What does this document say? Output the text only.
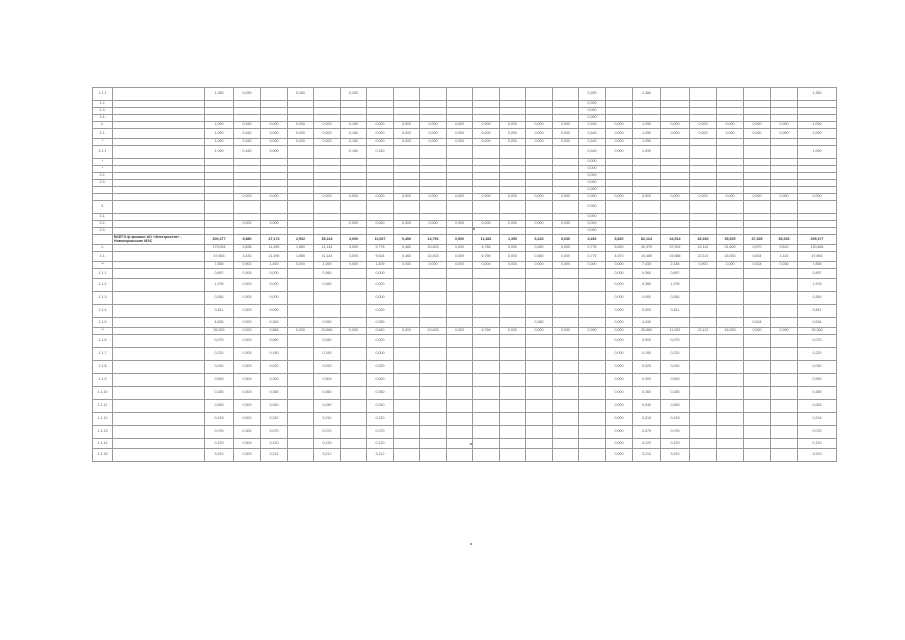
1.1.1		1,360	0,250		0,160		0,250									0,250		1,360						1,360
1.2.																0,000								
1.3.																0,000								
1.4.																0,000								
2.		1,090	0,160	0,000	0,000	0,000	0,160	0,000	0,000	0,000	0,000	0,000	0,000	0,000	0,000	0,160	0,000	1,090	0,000	0,000	0,000	0,000	0,000	1,090
2.1.		1,090	0,160	0,000	0,000	0,000	0,160	0,000	0,000	0,000	0,000	0,000	0,000	0,000	0,000	0,160	0,000	1,090	0,000	0,000	0,000	0,000	0,000	1,090
*		1,090	0,160	0,000	0,000	0,000	0,160	0,000	0,000	0,000	0,000	0,000	0,000	0,000	0,000	0,160	0,000	1,090						
2.1.1		1,090	0,160	0,000			0,160	0,160								0,160	0,000	1,090						1,090
*																0,000								
*																0,000								
2.2.																0,000								
2.3.																0,000								
																0,000								
			0,000	0,000		0,000	0,000	0,000	0,000	0,000	0,000	0,000	0,000	0,000	0,000	0,000	0,000	0,000	0,000	0,000	0,000	0,000	0,000	0,000
3.																0,000								
3.1.																0,000								
3.2.			0,000	0,000			0,000	0,000	0,000	0,000	0,000	0,000	0,000	0,000	0,000	0,000								
3.3.																0,000								
	ВСЕГО ф филиал АО «Электросети» - Новочеркасские МЭС	200,477	5,880	47,174	2,502	35,224	3,000	11,067	0,406	14,794	0,500	11,382	1,350	6,243	0,630	3,492	5,820	82,124	64,514	46,330	35,525	37,335	35,253	299,477
1.		179,004	3,838	11,490	1,860	11,144	3,000	9,778	0,460	10,403	0,000	6,766	0,000	0,380	0,000	0,775	5,820	40,479	57,902	22,112	21,600	0,570	0,610	130,684
1.1.		47,663	3,430	11,490	1,880	11,144	3,000	9,524	0,460	10,403	0,000	6,766	0,000	0,380	0,000	0,775	4,870	10,480	19,886	22,112	18,053	0,634	1,110	47,663
**		7,856	0,902	1,450	0,000	1,069	0,000	1,409	0,000	0,000	0,000	0,000	0,000	0,000	0,000	0,000	0,000	7,430	2,184	0,000	2,000	0,634	0,030	7,858
1.1.1		0,897	0,300	0,000		0,360		0,000									0,000	0,360	0,897					0,897
1.1.2		1,976	0,300	0,000		0,360		0,000									0,000	0,360	1,976					1,976
1.1.3		0,260	0,300	0,000				0,000									0,000	0,000	0,260					0,260
1.1.4		0,811	0,300	0,000				0,000									0,000	0,000	0,811					0,811
1.1.5		4,830	0,300	0,350		0,360		0,350						0,380			0,000	4,430				0,634		0,634
**		39,300	0,000	0,884	0,000	20,860	0,000	0,640	0,000	10,403	0,000	6,766	0,000	0,000	0,000	0,000	0,000	39,860	11,052	22,112	16,053	0,000	0,000	39,300
1.1.6		0,070	0,300	0,060		0,040		0,000									0,000	0,000	0,070					0,070
1.1.7		0,220	0,300	0,190		0,190		0,000									0,000	0,190	0,220					0,220
1.1.8		0,040	0,300	0,020		0,020		0,020									0,000	0,020	0,040					0,040
1.1.9		0,590	0,300	0,300		0,300		0,000									0,000	0,300	0,590					0,590
1.1.10		0,280	0,300	0,360		0,360		0,360									0,000	0,360	0,280					0,280
1.1.11		0,063	0,300	0,040		0,040		0,040									0,000	0,040	0,063					0,063
1.1.12		0,216	0,300	0,210		0,210		0,210									0,000	0,210	0,216					0,216
1.1.13		0,076	0,300	0,070		0,070		0,070									0,000	0,070	0,076					0,076
1.1.14		0,120	0,300	0,120		0,120		0,120									0,000	0,120	0,120					0,120
1.1.15		3,913	0,300	3,212		3,212		3,212									0,000	3,212	3,913					3,913
